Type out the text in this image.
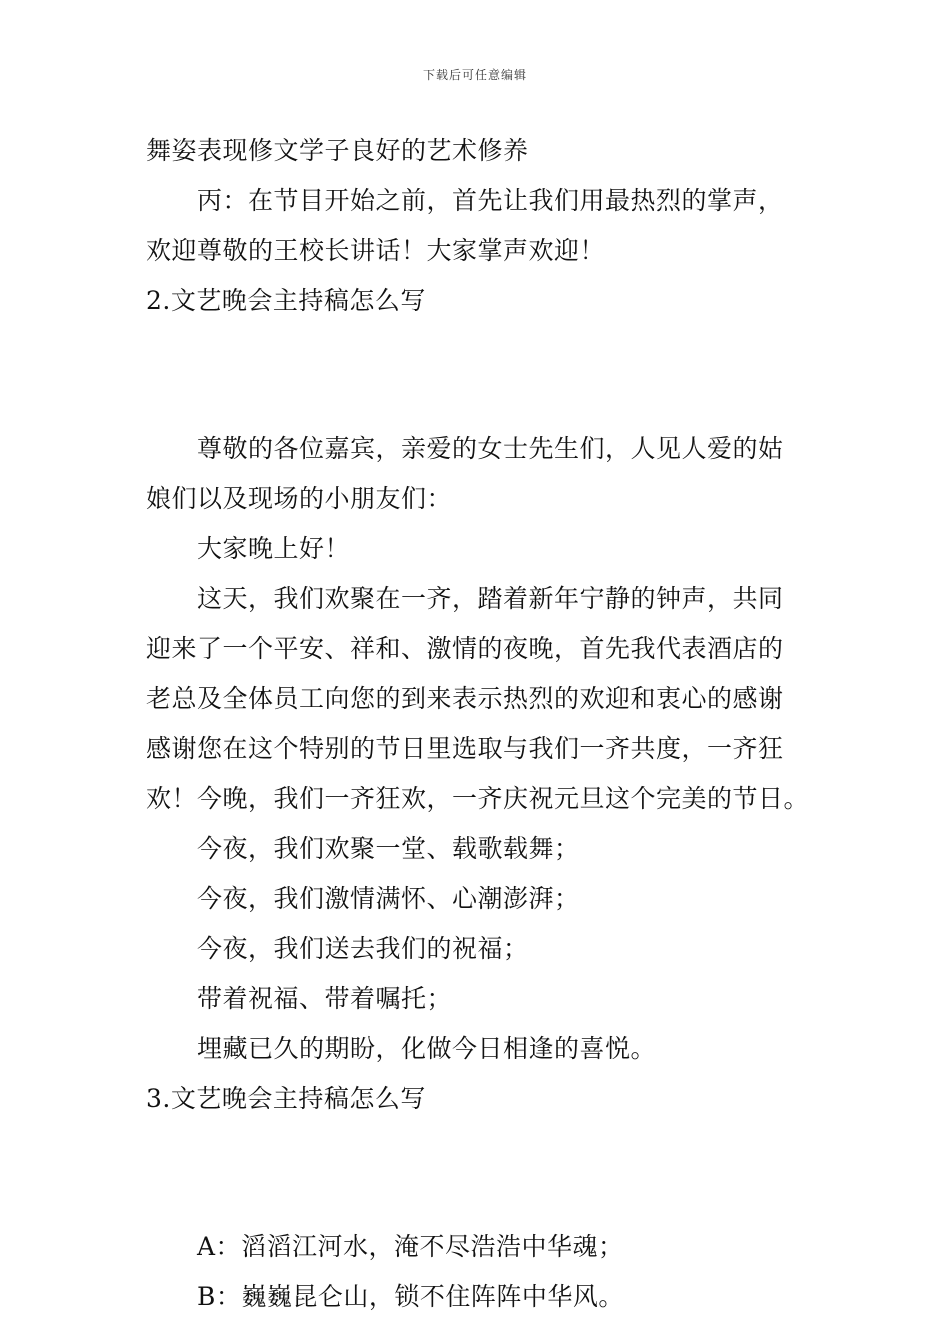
下载后可任意编辑
舞姿表现修文学子良好的艺术修养
丙：在节目开始之前，首先让我们用最热烈的掌声，
欢迎尊敬的王校长讲话！大家掌声欢迎！
2.文艺晚会主持稿怎么写
尊敬的各位嘉宾，亲爱的女士先生们，人见人爱的姑
娘们以及现场的小朋友们：
大家晚上好！
这天，我们欢聚在一齐，踏着新年宁静的钟声，共同
迎来了一个平安、祥和、激情的夜晚，首先我代表酒店的
老总及全体员工向您的到来表示热烈的欢迎和衷心的感谢
感谢您在这个特别的节日里选取与我们一齐共度，一齐狂
欢！今晚，我们一齐狂欢，一齐庆祝元旦这个完美的节日。
今夜，我们欢聚一堂、载歌载舞；
今夜，我们激情满怀、心潮澎湃；
今夜，我们送去我们的祝福；
带着祝福、带着嘱托；
埋藏已久的期盼，化做今日相逢的喜悦。
3.文艺晚会主持稿怎么写
A：滔滔江河水，淹不尽浩浩中华魂；
B：巍巍昆仑山，锁不住阵阵中华风。
